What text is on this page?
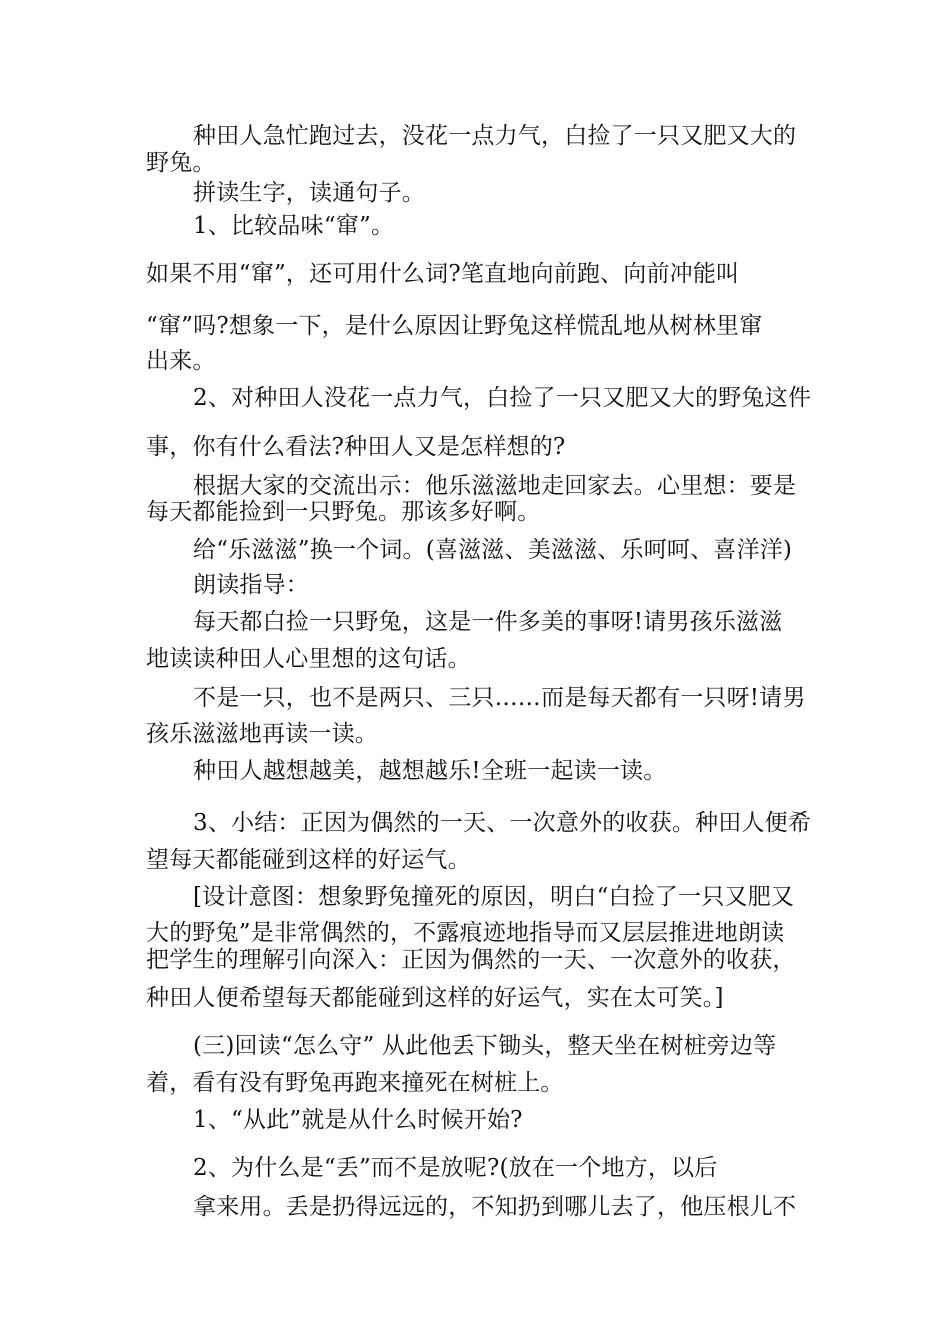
种田人急忙跑过去，没花一点力气，白捡了一只又肥又大的
野兔。
拼读生字，读通句子。
1、比较品味“窜”。
如果不用“窜”，还可用什么词?笔直地向前跑、向前冲能叫
“窜”吗?想象一下，是什么原因让野兔这样慌乱地从树林里窜
出来。
2、对种田人没花一点力气，白捡了一只又肥又大的野兔这件
事，你有什么看法?种田人又是怎样想的?
根据大家的交流出示：他乐滋滋地走回家去。心里想：要是
每天都能捡到一只野兔。那该多好啊。
给“乐滋滋”换一个词。(喜滋滋、美滋滋、乐呵呵、喜洋洋)
朗读指导：
每天都白捡一只野兔，这是一件多美的事呀!请男孩乐滋滋
地读读种田人心里想的这句话。
不是一只，也不是两只、三只……而是每天都有一只呀!请男
孩乐滋滋地再读一读。
种田人越想越美，越想越乐!全班一起读一读。
3、小结：正因为偶然的一天、一次意外的收获。种田人便希
望每天都能碰到这样的好运气。
[设计意图：想象野兔撞死的原因，明白“白捡了一只又肥又
大的野兔”是非常偶然的，不露痕迹地指导而又层层推进地朗读
把学生的理解引向深入：正因为偶然的一天、一次意外的收获，
种田人便希望每天都能碰到这样的好运气，实在太可笑。]
(三)回读“怎么守” 从此他丢下锄头，整天坐在树桩旁边等
着，看有没有野兔再跑来撞死在树桩上。
1、“从此”就是从什么时候开始?
2、为什么是“丢”而不是放呢?(放在一个地方，以后
拿来用。丢是扔得远远的，不知扔到哪儿去了，他压根儿不
